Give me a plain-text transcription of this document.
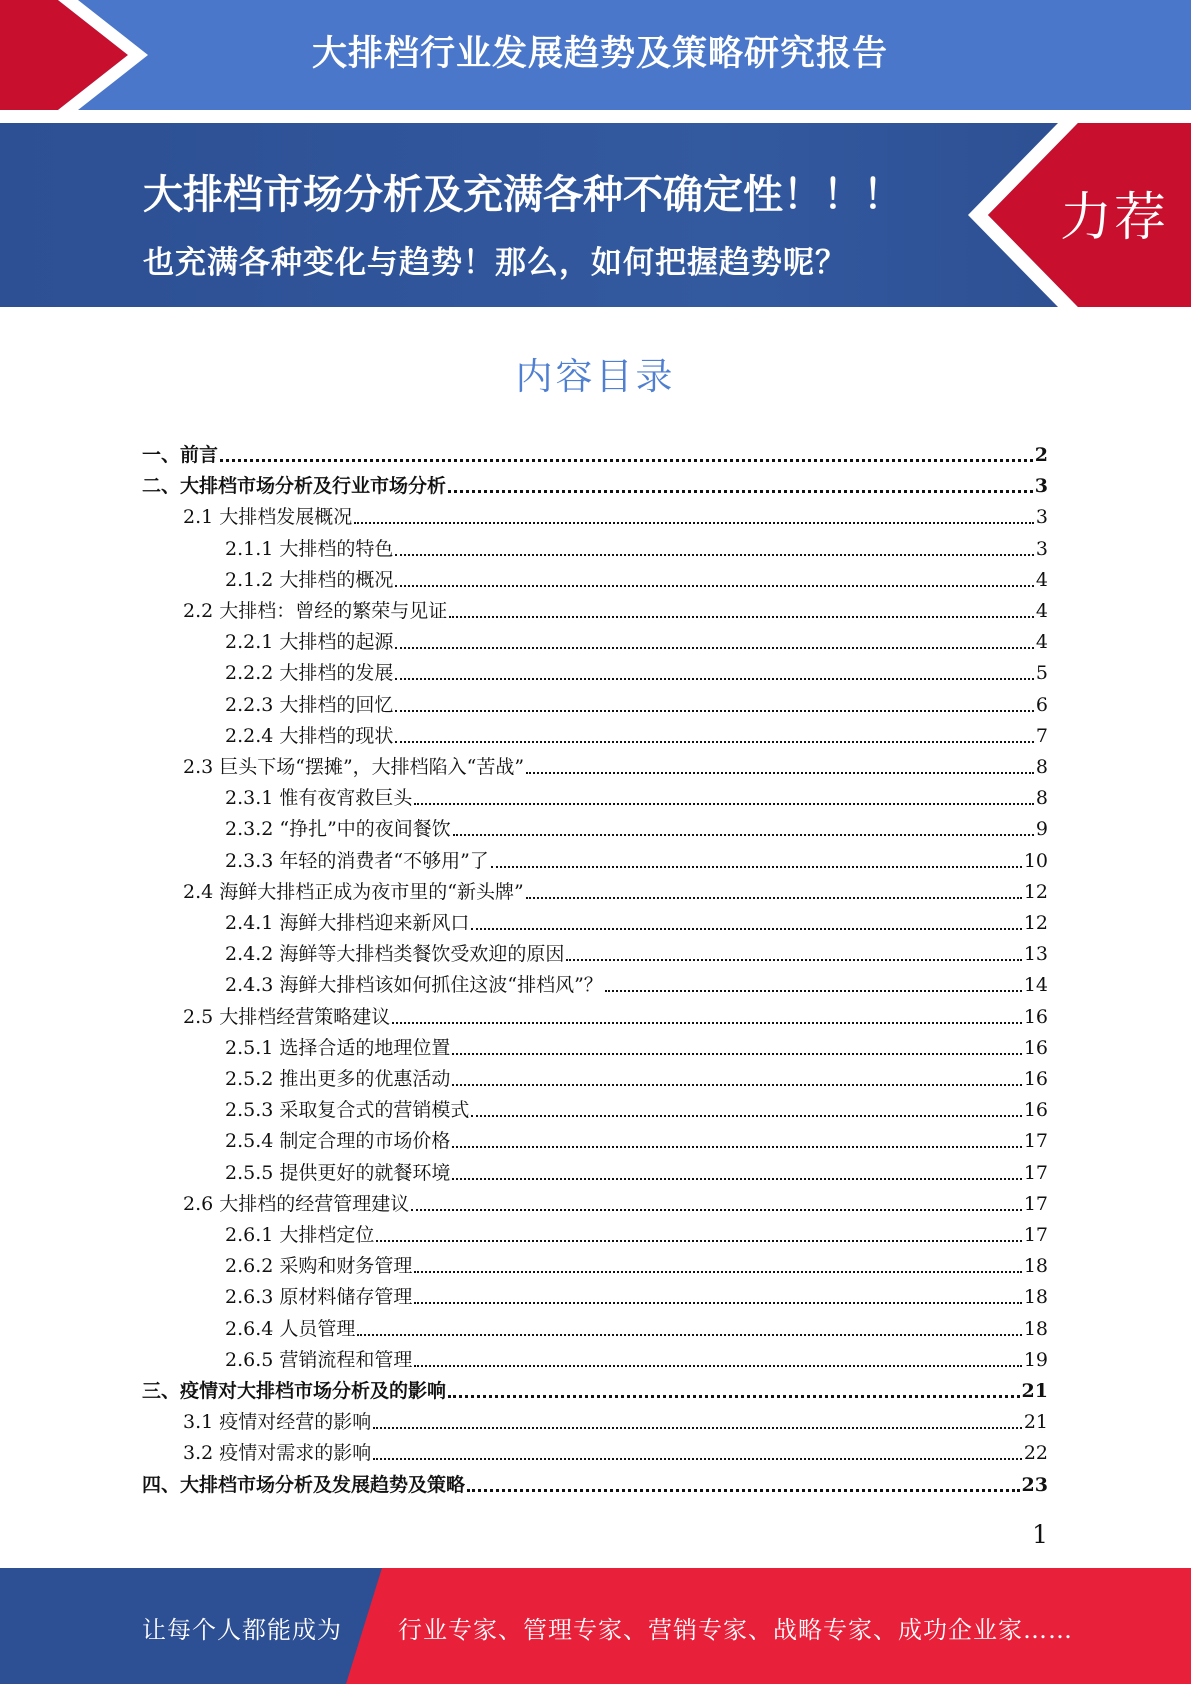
大排档行业发展趋势及策略研究报告
大排档市场分析及充满各种不确定性！！！
也充满各种变化与趋势！那么，如何把握趋势呢？
力荐
内容目录
一、前言	2
二、大排档市场分析及行业市场分析	3
2.1 大排档发展概况	3
2.1.1 大排档的特色	3
2.1.2 大排档的概况	4
2.2 大排档：曾经的繁荣与见证	4
2.2.1 大排档的起源	4
2.2.2 大排档的发展	5
2.2.3 大排档的回忆	6
2.2.4 大排档的现状	7
2.3 巨头下场“摆摊”，大排档陷入“苦战”	8
2.3.1 惟有夜宵救巨头	8
2.3.2 “挣扎”中的夜间餐饮	9
2.3.3 年轻的消费者“不够用”了	10
2.4 海鲜大排档正成为夜市里的“新头牌”	12
2.4.1 海鲜大排档迎来新风口	12
2.4.2 海鲜等大排档类餐饮受欢迎的原因	13
2.4.3 海鲜大排档该如何抓住这波“排档风”？	14
2.5 大排档经营策略建议	16
2.5.1 选择合适的地理位置	16
2.5.2 推出更多的优惠活动	16
2.5.3 采取复合式的营销模式	16
2.5.4 制定合理的市场价格	17
2.5.5 提供更好的就餐环境	17
2.6 大排档的经营管理建议	17
2.6.1 大排档定位	17
2.6.2 采购和财务管理	18
2.6.3 原材料储存管理	18
2.6.4 人员管理	18
2.6.5 营销流程和管理	19
三、疫情对大排档市场分析及的影响	21
3.1 疫情对经营的影响	21
3.2 疫情对需求的影响	22
四、大排档市场分析及发展趋势及策略	23
1
让每个人都能成为 行业专家、管理专家、营销专家、战略专家、成功企业家……
